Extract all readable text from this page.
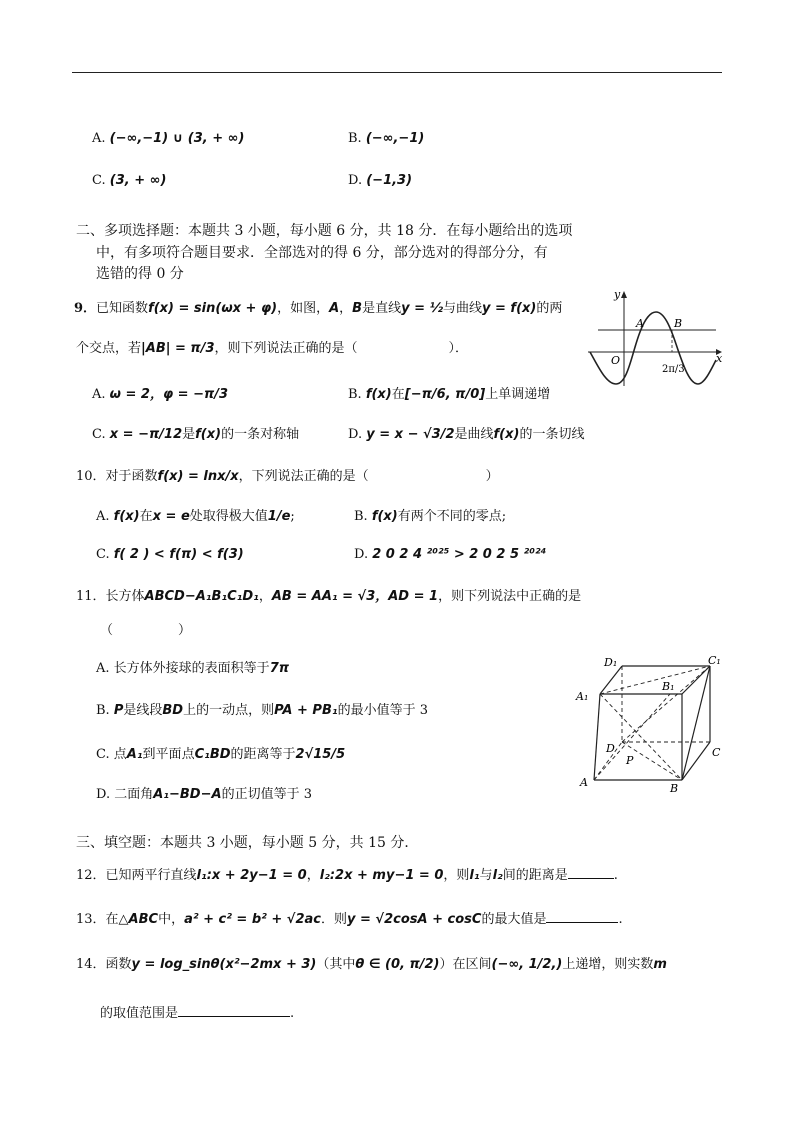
A. (−∞,−1) ∪ (3, + ∞)	B. (−∞,−1)
C. (3, + ∞)	D. (−1,3)
二、多项选择题：本题共 3 小题，每小题 6 分，共 18 分．在每小题给出的选项
中，有多项符合题目要求．全部选对的得 6 分，部分选对的得部分分，有
选错的得 0 分
9．已知函数f(x) = sin(ωx + φ)，如图，A，B是直线y = ½与曲线y = f(x)的两
个交点，若|AB| = π/3，则下列说法正确的是（　　　　　　　）．
A. ω = 2，φ = −π/3	B. f(x)在[−π/6, π/0]上单调递增
C. x = −π/12是f(x)的一条对称轴	D. y = x − √3/2是曲线f(x)的一条切线
y
x
O
A	B
2π/3
10．对于函数f(x) = lnx/x，下列说法正确的是（　　　　　　　　　）
A. f(x)在x = e处取得极大值1/e;	B. f(x)有两个不同的零点;
C. f( 2 ) < f(π) < f(3)	D. 2 0 2 4 ²⁰²⁵ > 2 0 2 5 ²⁰²⁴
11．长方体ABCD−A₁B₁C₁D₁，AB = AA₁ = √3，AD = 1，则下列说法中正确的是
（　　　　　）
A. 长方体外接球的表面积等于7π
B. P是线段BD上的一动点，则PA + PB₁的最小值等于 3
C. 点A₁到平面点C₁BD的距离等于2√15/5
D. 二面角A₁−BD−A的正切值等于 3
D₁	C₁
A₁
B₁
D	C
P
A	B
三、填空题：本题共 3 小题，每小题 5 分，共 15 分．
12．已知两平行直线l₁:x + 2y−1 = 0，l₂:2x + my−1 = 0，则l₁与l₂间的距离是	.
13．在△ABC中，a² + c² = b² + √2ac．则y = √2cosA + cosC的最大值是	.
14．函数y = log_sinθ(x²−2mx + 3)（其中θ ∈ (0, π/2)）在区间(−∞, 1/2,)上递增，则实数m
的取值范围是	.
